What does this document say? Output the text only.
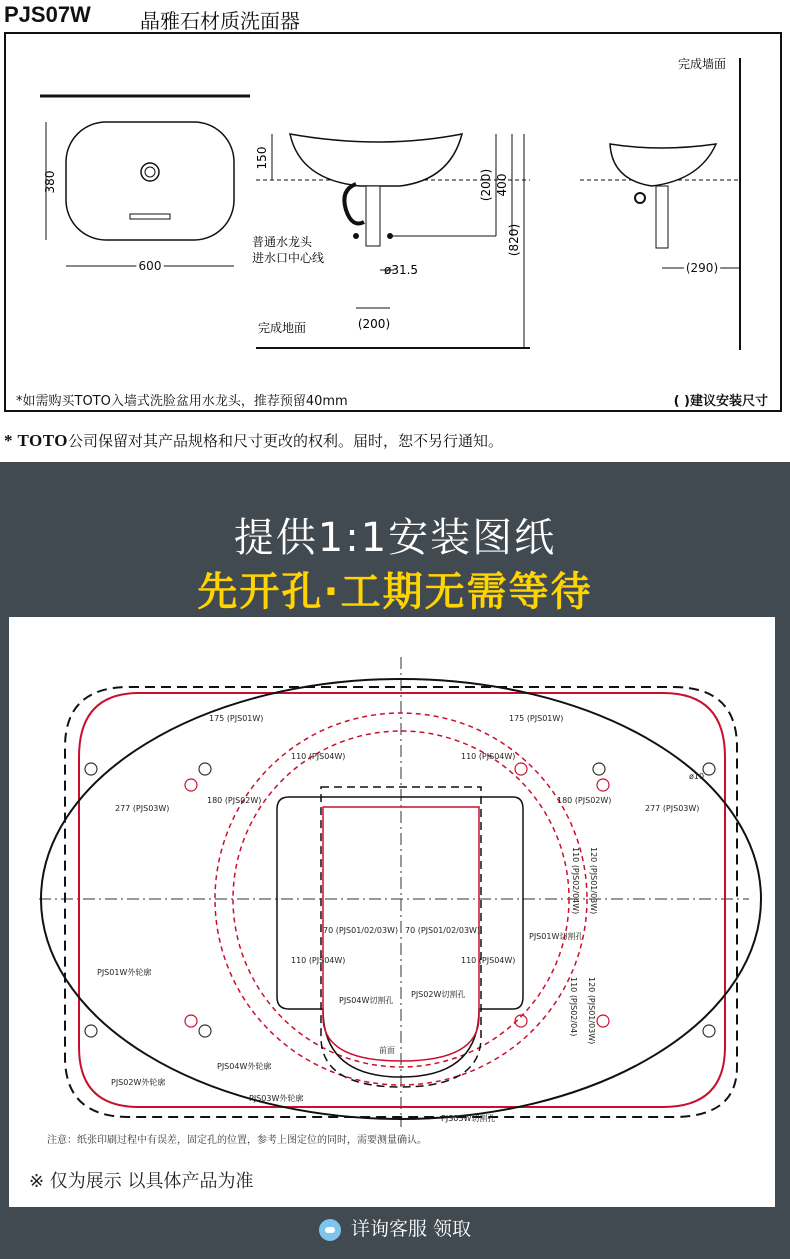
PJS07W 晶雅石材质洗面器
380
600
150
(200) 400
(820)
普通水龙头
进水口中心线
ø31.5
(200)
完成地面
完成墙面
(290)
*如需购买TOTO入墙式洗脸盆用水龙头，推荐预留40mm	( )建议安装尺寸
* TOTO公司保留对其产品规格和尺寸更改的权利。届时，恕不另行通知。
提供1:1安装图纸
先开孔·工期无需等待
175 (PJS01W)	175 (PJS01W)
110 (PJS04W)	110 (PJS04W)
277 (PJS03W)	277 (PJS03W)
180 (PJS02W)	180 (PJS02W)
70 (PJS01/02/03W) 70 (PJS01/02/03W)
110 (PJS04W)	110 (PJS04W)
ø10
110 (PJS02/04W) 120 (PJS01/03W)
110 (PJS02/04) 120 (PJS01/03W)
PJS01W切割孔
PJS01W外轮廓
PJS04W切割孔
PJS02W切割孔
前面
PJS04W外轮廓
PJS02W外轮廓
PJS03W外轮廓
PJS03W切割孔
注意：纸张印刷过程中有误差，固定孔的位置，参考上图定位的同时，需要测量确认。
※ 仅为展示 以具体产品为准
详询客服 领取
